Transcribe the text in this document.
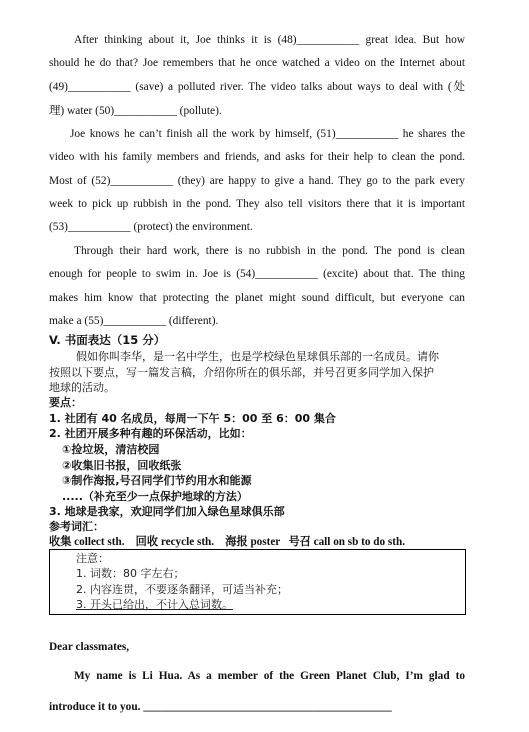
After thinking about it, Joe thinks it is (48)___________ great idea. But how
should he do that? Joe remembers that he once watched a video on the Internet about
(49)___________ (save) a polluted river. The video talks about ways to deal with (处
理) water (50)___________ (pollute).
Joe knows he can’t finish all the work by himself, (51)___________ he shares the
video with his family members and friends, and asks for their help to clean the pond.
Most of (52)___________ (they) are happy to give a hand. They go to the park every
week to pick up rubbish in the pond. They also tell visitors there that it is important
(53)___________ (protect) the environment.
Through their hard work, there is no rubbish in the pond. The pond is clean
enough for people to swim in. Joe is (54)___________ (excite) about that. The thing
makes him know that protecting the planet might sound difficult, but everyone can
make a (55)___________ (different).
V. 书面表达（15 分）
假如你叫李华，是一名中学生，也是学校绿色星球俱乐部的一名成员。请你
按照以下要点，写一篇发言稿，介绍你所在的俱乐部，并号召更多同学加入保护
地球的活动。
要点：
1. 社团有 40 名成员，每周一下午 5：00 至 6：00 集合
2. 社团开展多种有趣的环保活动，比如：
①捡垃圾，清洁校园
②收集旧书报，回收纸张
③制作海报,号召同学们节约用水和能源
.....（补充至少一点保护地球的方法）
3. 地球是我家，欢迎同学们加入绿色星球俱乐部
参考词汇：
收集 collect sth.    回收 recycle sth.    海报 poster   号召 call on sb to do sth.
注意：
1. 词数：80 字左右；
2. 内容连贯，不要逐条翻译，可适当补充；
3. 开头已给出，不计入总词数。
Dear classmates,
My name is Li Hua. As a member of the Green Planet Club, I’m glad to
introduce it to you. ____________________________________________
